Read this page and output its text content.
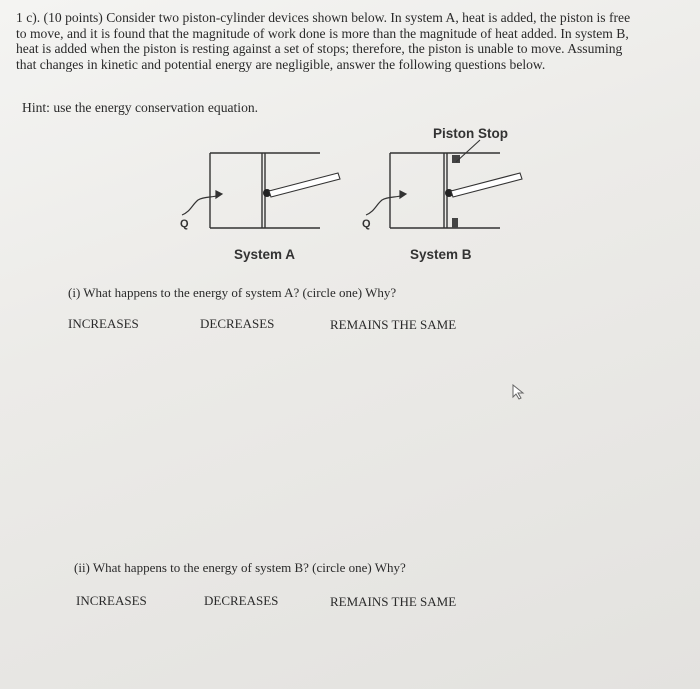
1 c). (10 points) Consider two piston-cylinder devices shown below. In system A, heat is added, the piston is free

to move, and it is found that the magnitude of work done is more than the magnitude of heat added. In system B,

heat is added when the piston is resting against a set of stops; therefore, the piston is unable to move. Assuming

that changes in kinetic and potential energy are negligible, answer the following questions below.

Hint: use the energy conservation equation.
Piston Stop
Q	Q
System A	System B
(i) What happens to the energy of system A? (circle one) Why?
INCREASES	DECREASES	REMAINS THE SAME
(ii) What happens to the energy of system B? (circle one) Why?
INCREASES	DECREASES	REMAINS THE SAME
